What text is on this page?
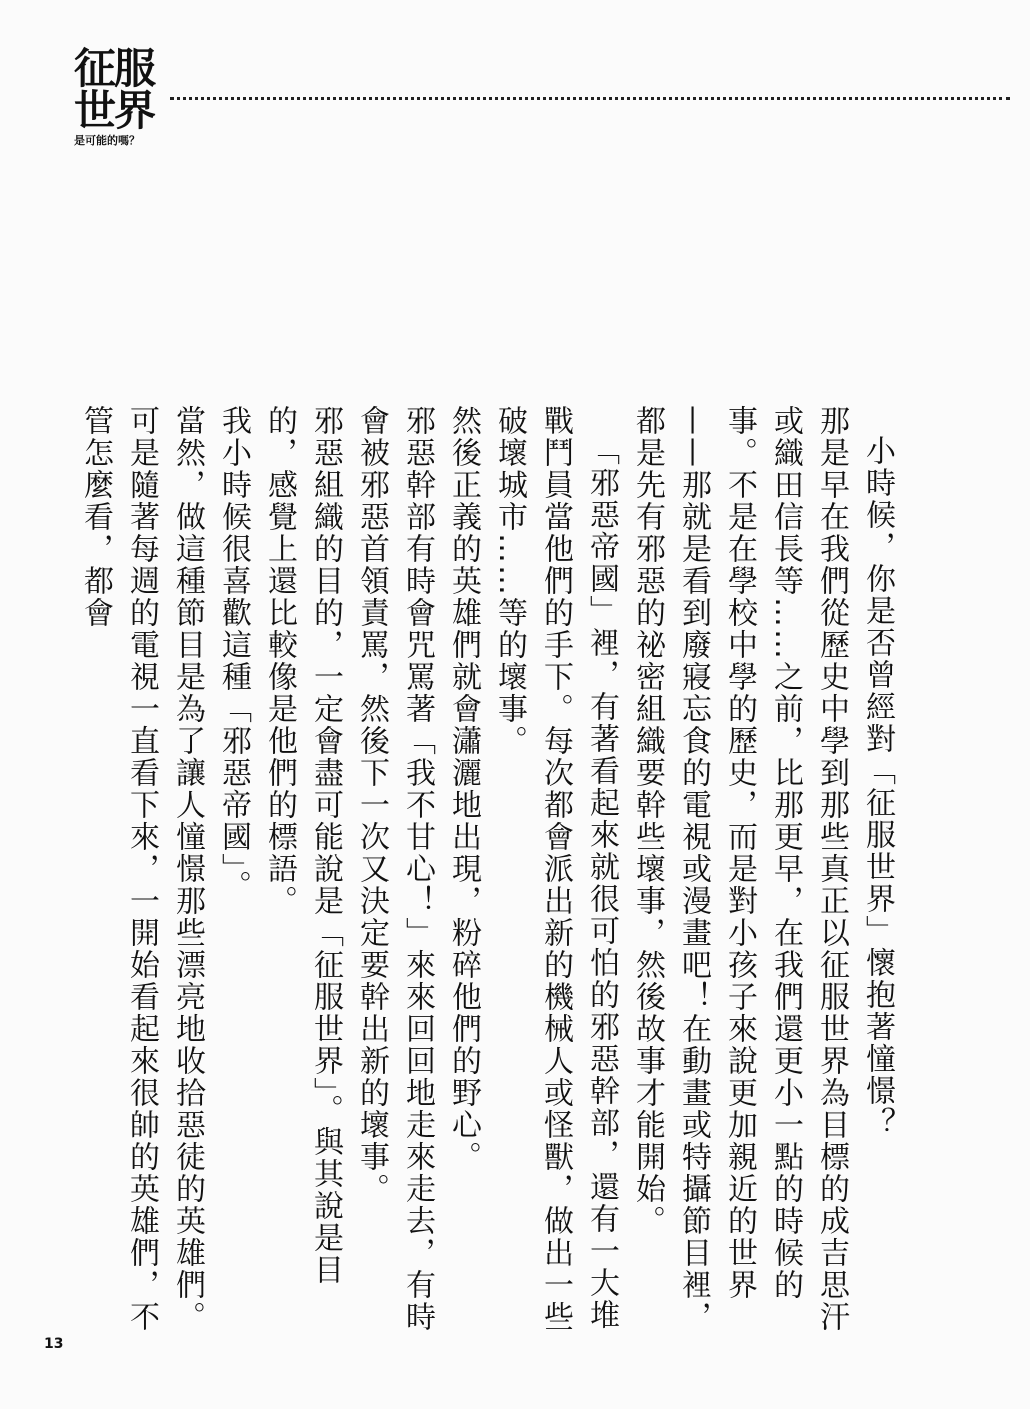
征服
世界
是可能的嗎？

小時候，你是否曾經對「征服世界」懷抱著憧憬？

那是早在我們從歷史中學到那些真正以征服世界為目標的成吉思汗或織田信長等……之前，比那更早，在我們還更小一點的時候的事。不是在學校中學的歷史，而是對小孩子來說更加親近的世界——那就是看到廢寢忘食的電視或漫畫吧！在動畫或特攝節目裡，都是先有邪惡的祕密組織要幹些壞事，然後故事才能開始。

「邪惡帝國」裡，有著看起來就很可怕的邪惡幹部，還有一大堆戰鬥員當他們的手下。每次都會派出新的機械人或怪獸，做出一些破壞城市……等的壞事。

然後正義的英雄們就會瀟灑地出現，粉碎他們的野心。

邪惡幹部有時會咒罵著「我不甘心！」來來回回地走來走去，有時會被邪惡首領責罵，然後下一次又決定要幹出新的壞事。

邪惡組織的目的，一定會盡可能說是「征服世界」。與其說是目的，感覺上還比較像是他們的標語。

我小時候很喜歡這種「邪惡帝國」。

當然，做這種節目是為了讓人憧憬那些漂亮地收拾惡徒的英雄們。可是隨著每週的電視一直看下來，一開始看起來很帥的英雄們，不管怎麼看，都會

13
